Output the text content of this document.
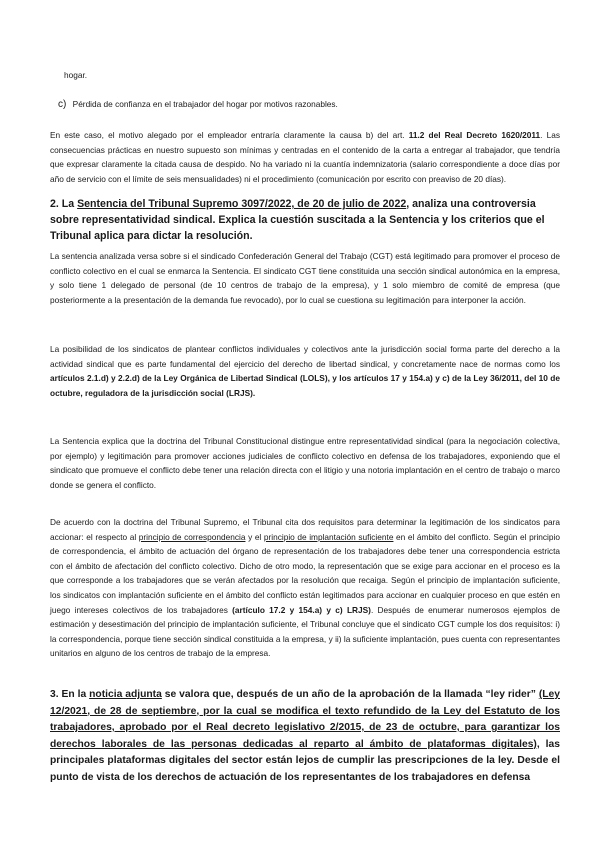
hogar.

c) Pérdida de confianza en el trabajador del hogar por motivos razonables.

En este caso, el motivo alegado por el empleador entraría claramente la causa b) del art. 11.2 del Real Decreto 1620/2011. Las consecuencias prácticas en nuestro supuesto son mínimas y centradas en el contenido de la carta a entregar al trabajador, que tendría que expresar claramente la citada causa de despido. No ha variado ni la cuantía indemnizatoria (salario correspondiente a doce días por año de servicio con el límite de seis mensualidades) ni el procedimiento (comunicación por escrito con preaviso de 20 días).

2. La Sentencia del Tribunal Supremo 3097/2022, de 20 de julio de 2022, analiza una controversia sobre representatividad sindical. Explica la cuestión suscitada a la Sentencia y los criterios que el Tribunal aplica para dictar la resolución.

La sentencia analizada versa sobre si el sindicado Confederación General del Trabajo (CGT) está legitimado para promover el proceso de conflicto colectivo en el cual se enmarca la Sentencia. El sindicato CGT tiene constituida una sección sindical autonómica en la empresa, y solo tiene 1 delegado de personal (de 10 centros de trabajo de la empresa), y 1 solo miembro de comité de empresa (que posteriormente a la presentación de la demanda fue revocado), por lo cual se cuestiona su legitimación para interponer la acción.

La posibilidad de los sindicatos de plantear conflictos individuales y colectivos ante la jurisdicción social forma parte del derecho a la actividad sindical que es parte fundamental del ejercicio del derecho de libertad sindical, y concretamente nace de normas como los artículos 2.1.d) y 2.2.d) de la Ley Orgánica de Libertad Sindical (LOLS), y los artículos 17 y 154.a) y c) de la Ley 36/2011, del 10 de octubre, reguladora de la jurisdicción social (LRJS).

La Sentencia explica que la doctrina del Tribunal Constitucional distingue entre representatividad sindical (para la negociación colectiva, por ejemplo) y legitimación para promover acciones judiciales de conflicto colectivo en defensa de los trabajadores, exponiendo que el sindicato que promueve el conflicto debe tener una relación directa con el litigio y una notoria implantación en el centro de trabajo o marco donde se genera el conflicto.

De acuerdo con la doctrina del Tribunal Supremo, el Tribunal cita dos requisitos para determinar la legitimación de los sindicatos para accionar: el respecto al principio de correspondencia y el principio de implantación suficiente en el ámbito del conflicto. Según el principio de correspondencia, el ámbito de actuación del órgano de representación de los trabajadores debe tener una correspondencia estricta con el ámbito de afectación del conflicto colectivo. Dicho de otro modo, la representación que se exige para accionar en el proceso es la que corresponde a los trabajadores que se verán afectados por la resolución que recaiga. Según el principio de implantación suficiente, los sindicatos con implantación suficiente en el ámbito del conflicto están legitimados para accionar en cualquier proceso en que estén en juego intereses colectivos de los trabajadores (artículo 17.2 y 154.a) y c) LRJS). Después de enumerar numerosos ejemplos de estimación y desestimación del principio de implantación suficiente, el Tribunal concluye que el sindicato CGT cumple los dos requisitos: i) la correspondencia, porque tiene sección sindical constituida a la empresa, y ii) la suficiente implantación, pues cuenta con representantes unitarios en alguno de los centros de trabajo de la empresa.

3. En la noticia adjunta se valora que, después de un año de la aprobación de la llamada “ley rider” (Ley 12/2021, de 28 de septiembre, por la cual se modifica el texto refundido de la Ley del Estatuto de los trabajadores, aprobado por el Real decreto legislativo 2/2015, de 23 de octubre, para garantizar los derechos laborales de las personas dedicadas al reparto al ámbito de plataformas digitales), las principales plataformas digitales del sector están lejos de cumplir las prescripciones de la ley. Desde el punto de vista de los derechos de actuación de los representantes de los trabajadores en defensa
